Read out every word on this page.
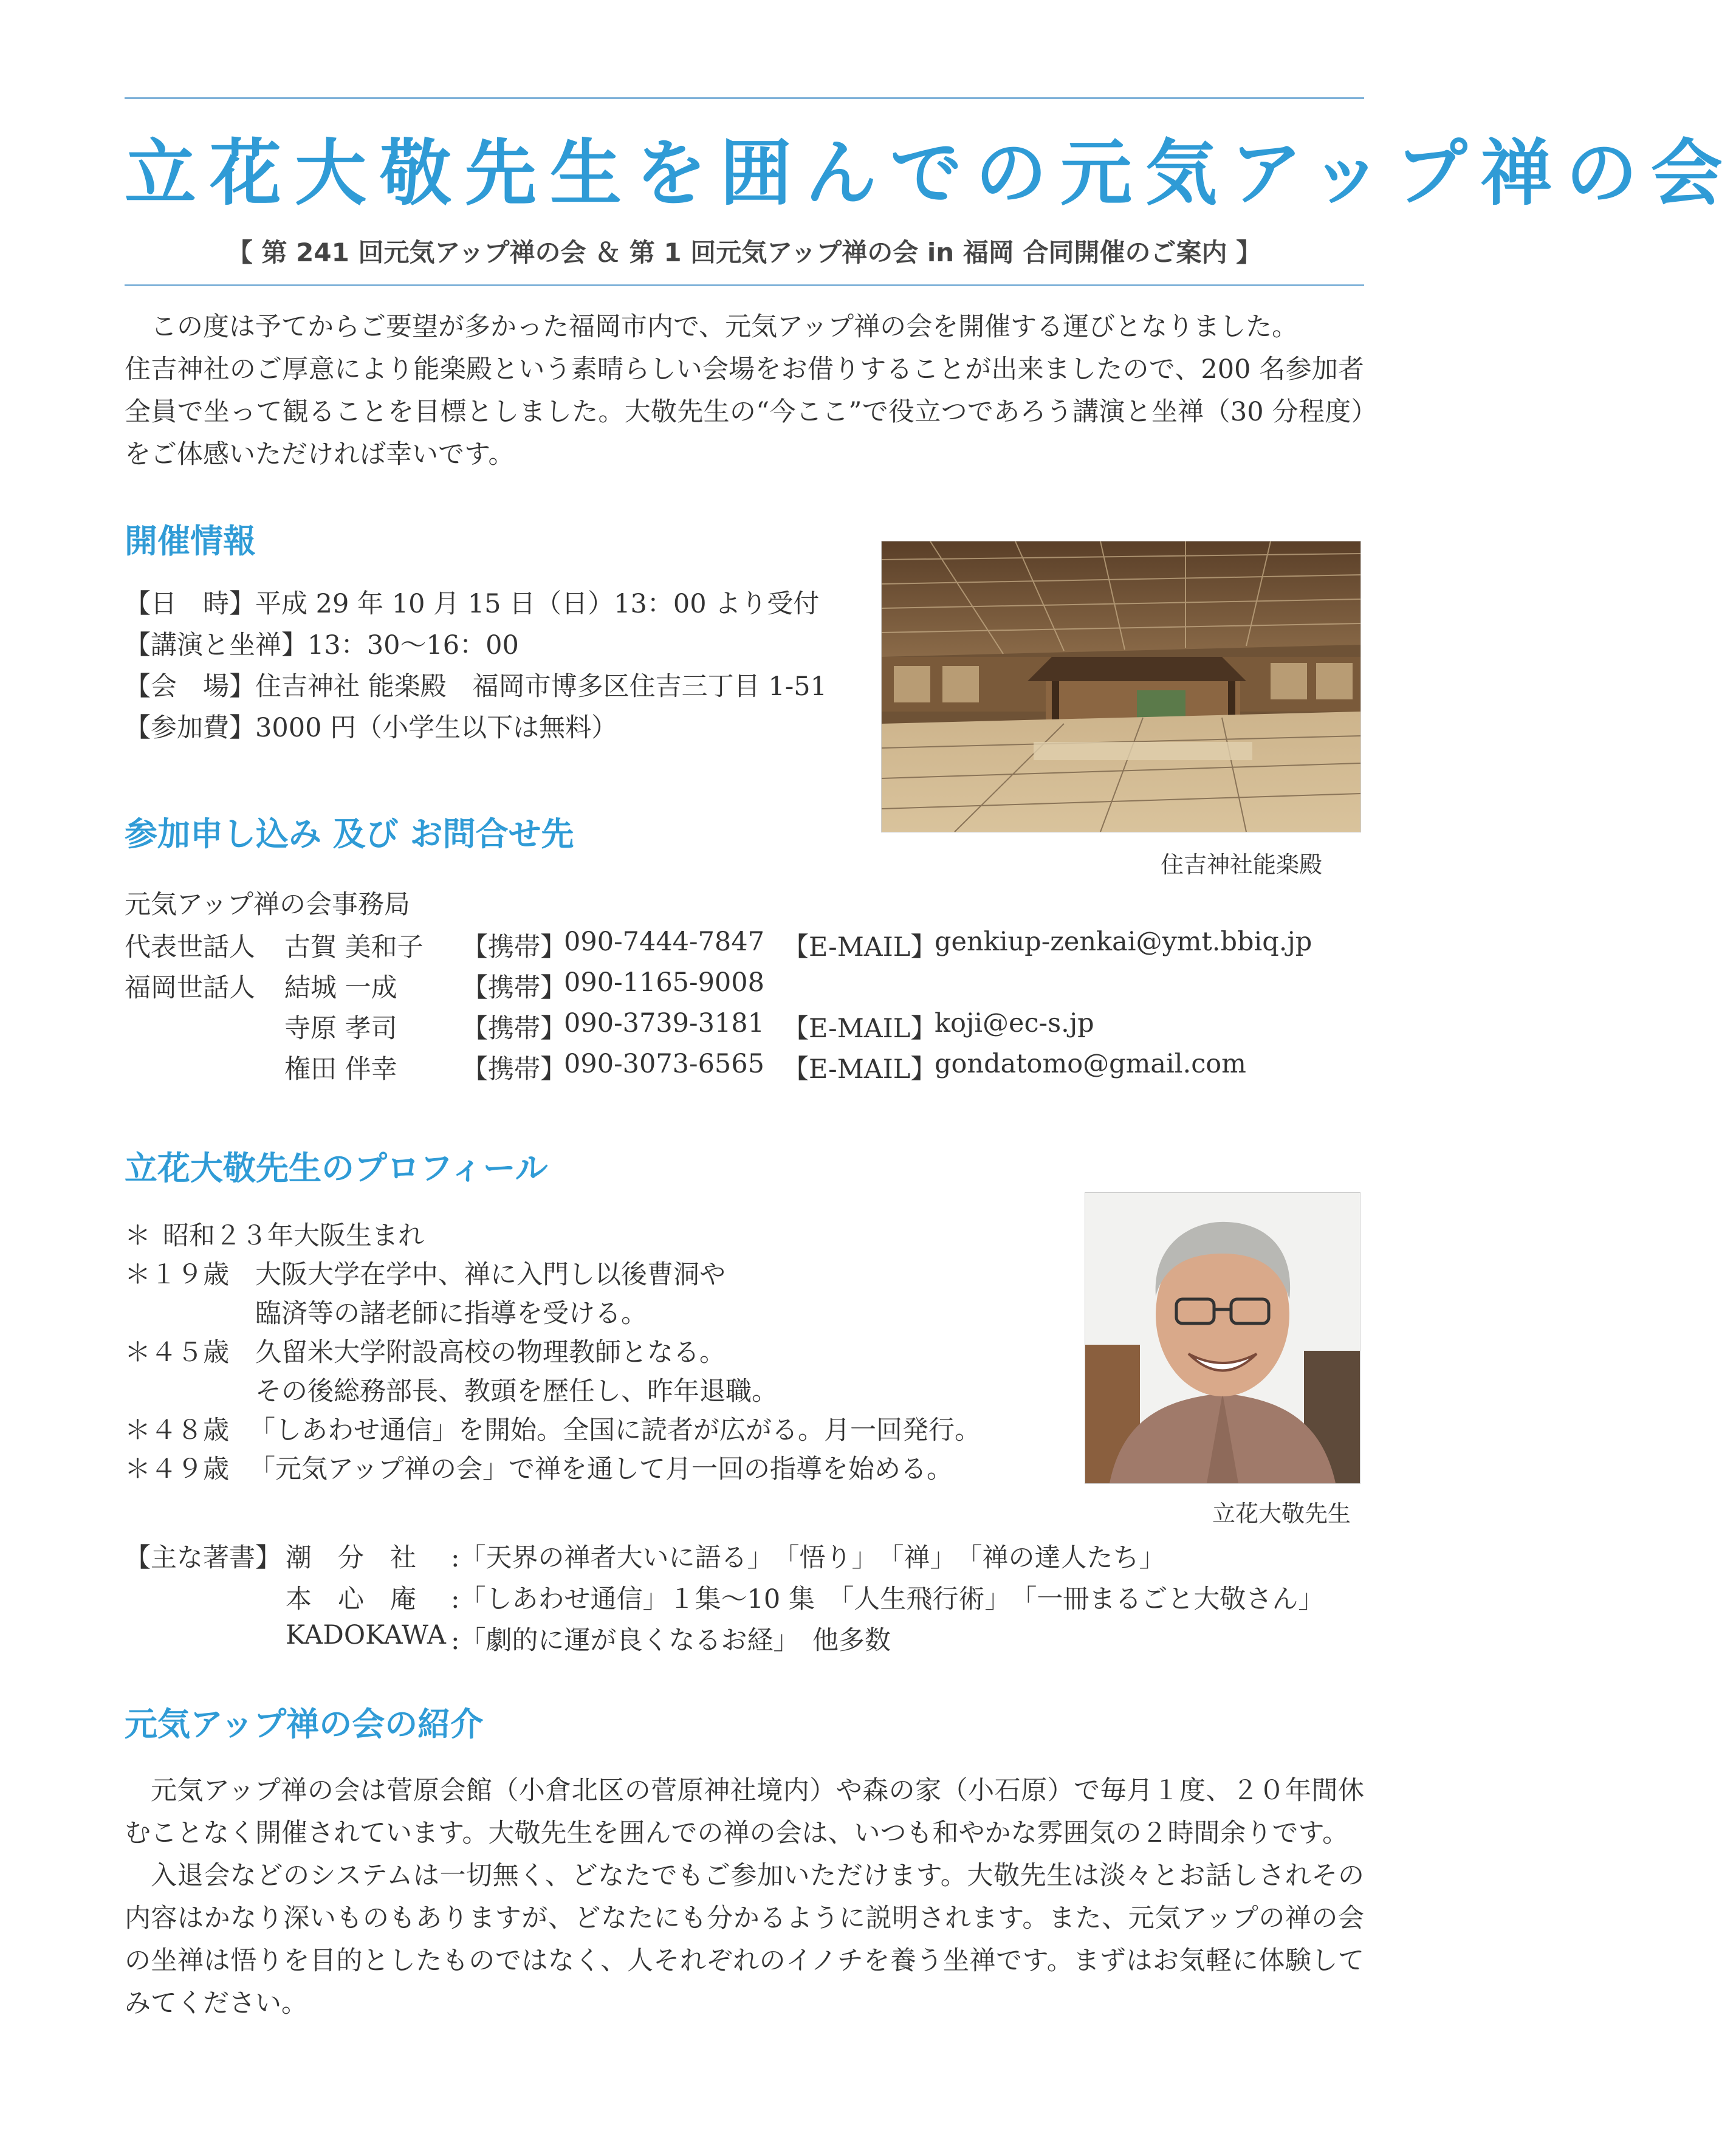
立花大敬先生を囲んでの元気アップ禅の会
【 第 241 回元気アップ禅の会 ＆ 第 1 回元気アップ禅の会 in 福岡 合同開催のご案内 】

この度は予てからご要望が多かった福岡市内で、元気アップ禅の会を開催する運びとなりました。

住吉神社のご厚意により能楽殿という素晴らしい会場をお借りすることが出来ましたので、200 名参加者全員で坐って観ることを目標としました。大敬先生の“今ここ”で役立つであろう講演と坐禅（30 分程度）をご体感いただければ幸いです。

開催情報
【日　時】平成 29 年 10 月 15 日（日）13：00 より受付
【講演と坐禅】13：30〜16：00
【会　場】住吉神社 能楽殿　福岡市博多区住吉三丁目 1-51
【参加費】3000 円（小学生以下は無料）
住吉神社能楽殿
参加申し込み 及び お問合せ先
元気アップ禅の会事務局
代表世話人 古賀 美和子 【携帯】
090-7444-7847 【E-MAIL】
genkiup-zenkai@ymt.bbiq.jp
福岡世話人 結城 一成 【携帯】
090-1165-9008
寺原 孝司 【携帯】
090-3739-3181 【E-MAIL】
koji@ec-s.jp
権田 伴幸 【携帯】
090-3073-6565 【E-MAIL】
gondatomo@gmail.com
立花大敬先生のプロフィール
＊ 昭和２３年大阪生まれ
＊ １９歳 大阪大学在学中、禅に入門し以後曹洞や
臨済等の諸老師に指導を受ける。
＊ ４５歳 久留米大学附設高校の物理教師となる。
その後総務部長、教頭を歴任し、昨年退職。
＊ ４８歳 「しあわせ通信」を開始。全国に読者が広がる。月一回発行。
＊ ４９歳 「元気アップ禅の会」で禅を通して月一回の指導を始める。
立花大敬先生
【主な著書】 潮　分　社 :「天界の禅者大いに語る」　「悟り」　「禅」　「禅の達人たち」
本　心　庵 :「しあわせ通信」１集〜10 集　「人生飛行術」　「一冊まるごと大敬さん」
KADOKAWA :「劇的に運が良くなるお経」　他多数
元気アップ禅の会の紹介

元気アップ禅の会は菅原会館（小倉北区の菅原神社境内）や森の家（小石原）で毎月１度、２０年間休むことなく開催されています。大敬先生を囲んでの禅の会は、いつも和やかな雰囲気の２時間余りです。

入退会などのシステムは一切無く、どなたでもご参加いただけます。大敬先生は淡々とお話しされその内容はかなり深いものもありますが、どなたにも分かるように説明されます。また、元気アップの禅の会の坐禅は悟りを目的としたものではなく、人それぞれのイノチを養う坐禅です。まずはお気軽に体験してみてください。
